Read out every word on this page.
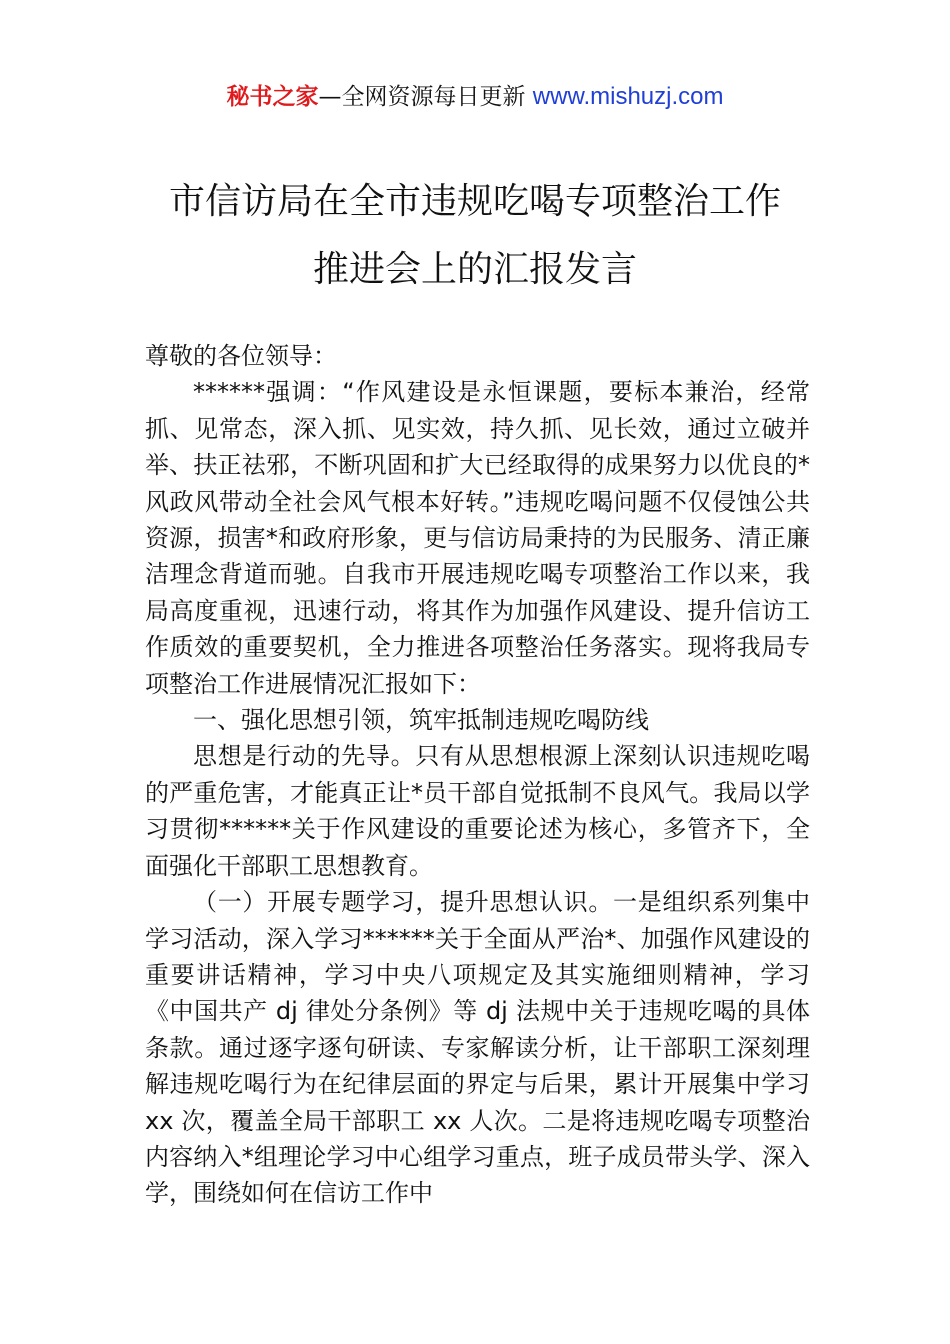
秘书之家—全网资源每日更新 www.mishuzj.com
市信访局在全市违规吃喝专项整治工作
推进会上的汇报发言

尊敬的各位领导：

******强调：“作风建设是永恒课题，要标本兼治，经常抓、见常态，深入抓、见实效，持久抓、见长效，通过立破并举、扶正祛邪，不断巩固和扩大已经取得的成果努力以优良的*风政风带动全社会风气根本好转。”违规吃喝问题不仅侵蚀公共资源，损害*和政府形象，更与信访局秉持的为民服务、清正廉洁理念背道而驰。自我市开展违规吃喝专项整治工作以来，我局高度重视，迅速行动，将其作为加强作风建设、提升信访工作质效的重要契机，全力推进各项整治任务落实。现将我局专项整治工作进展情况汇报如下：

一、强化思想引领，筑牢抵制违规吃喝防线

思想是行动的先导。只有从思想根源上深刻认识违规吃喝的严重危害，才能真正让*员干部自觉抵制不良风气。我局以学习贯彻******关于作风建设的重要论述为核心，多管齐下，全面强化干部职工思想教育。

（一）开展专题学习，提升思想认识。一是组织系列集中学习活动，深入学习******关于全面从严治*、加强作风建设的重要讲话精神，学习中央八项规定及其实施细则精神，学习《中国共产 dj 律处分条例》等 dj 法规中关于违规吃喝的具体条款。通过逐字逐句研读、专家解读分析，让干部职工深刻理解违规吃喝行为在纪律层面的界定与后果，累计开展集中学习 xx 次，覆盖全局干部职工 xx 人次。二是将违规吃喝专项整治内容纳入*组理论学习中心组学习重点，班子成员带头学、深入学，围绕如何在信访工作中
